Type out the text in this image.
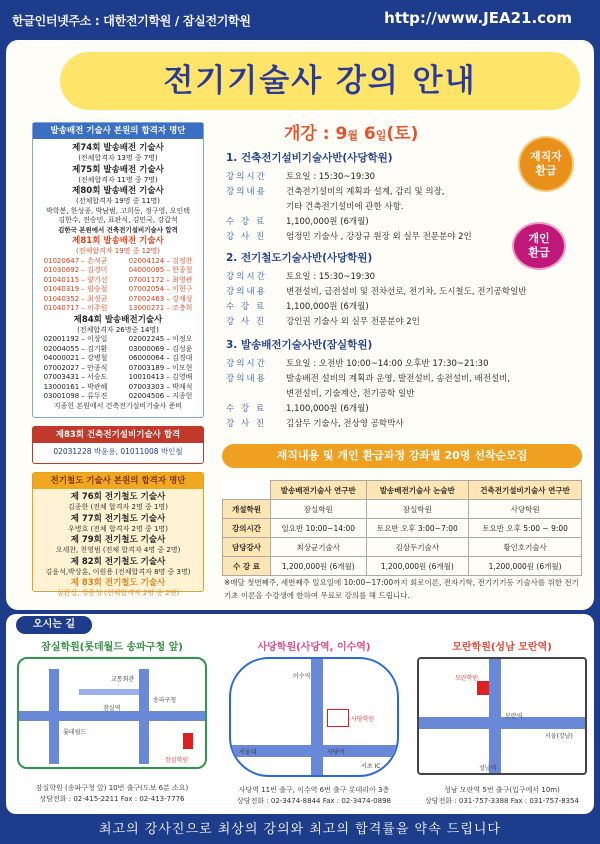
한글인터넷주소 : 대한전기학원 / 잠실전기학원	http://www.JEA21.com
전기기술사 강의 안내
발송배전 기술사 본원의 합격자 명단
제74회 발송배전 기술사
(전체합격자 13명 중 7명)
제75회 발송배전 기술사
(전체합격자 11명 중 7명)
제80회 발송배전 기술사
(전체합격자 19명 중 11명)
박학봉, 한성종, 박남범, 고희동, 정구영, 오인택
김한수, 전승민, 표판식, 김민국, 강갑석
김한국 본원에서 건축전기설비기술사 합격
제81회 발송배전 기술사
(전체합격자 19명 중 12명)
01020647 – 손석균	02004124 – 김정찬
01030692 – 김경미	04000095 – 한종철
01040115 – 양기선	07001172 – 최영관
01040319 – 임승철	07002054 – 이현구
01040352 – 최성균	07002463 – 강재성
01040717 – 이주원	13000271 – 조충희
제84회 발송배전기술사
(전체합격자 26명중 14명)
02001192 – 이상일	02002245 – 이정오
02004055 – 김기환	03000069 – 김성윤
04000021 – 강병철	06000064 – 김경대
07002027 – 안종식	07003189 – 이모현
07003431 – 서승도	10010413 – 김영배
13000161 – 박관혜	07003303 – 박재석
03001098 – 류두진	02004506 – 지종헌
지종헌 본원에서 건축전기설비기술사 준비
제83회 건축전기설비기술사 합격
02031228 박윤용, 01011008 박인철
전기철도 기술사 본원의 합격자 명단
제 76회 전기철도 기술사
김종한 (전체 합격자 2명 중 1명)
제 77회 전기철도 기술사
우병호 (전체 합격자 2명 중 1명)
제 79회 전기철도 기술사
오세찬, 천영범 (전체 합격자 4명 중 2명)
제 82회 전기철도 기술사
김윤석,박상훈, 이원용 (전체합격자 8명 중 3명)
제 83회 전기철도 기술사
심완섭, 강용성 (전체합격자 2명 중 2명)
개강 : 9월 6일(토)
1. 건축전기설비기술사반(사당학원)
강의시간	토요일 : 15:30~19:30
강의내용	건축전기설비의 계획과 설계, 감리 및 의장,
기타 건축전기설비에 관한 사항.
수 강 료	1,100,000원 (6개월)
강 사 진	엄정민 기술사 , 강장규 원장 외 실무 전문분야 2인
2. 전기철도기술사반(사당학원)
강의시간	토요일 : 15:30~19:30
강의내용	변전설비, 급전설비 및 전차선로, 전기차, 도시철도, 전기공학일반
수 강 료	1,100,000원 (6개월)
강 사 진	강인권 기술사 외 실무 전문분야 2인
3. 발송배전기술사반(잠실학원)
강의시간	토요일 : 오전반 10:00~14:00 오후반 17:30~21:30
강의내용	발송배전 설비의 계획과 운영, 발전설비, 송전설비, 배전설비,
변전설비, 기술계산, 전기공학 일반
수 강 료	1,100,000원 (6개월)
강 사 진	김삼두 기술사, 전상영 공학박사
재직자
환급
개인
환급
재직내용 및 개인 환급과정 강좌별 20명 선착순모집
	발송배전기술사 연구반	발송배전기술사 논술반	건축전기설비기술사 연구반
개설학원	잠실학원	잠실학원	사당학원
강의시간	일요반 10:00~14:00	토요반 오후 3:00~7:00	토요반 오후 5:00 ~ 9:00
담당강사	최상균기술사	김삼두기술사	황인호기술사
수 강 료	1,200,000원 (6개월)	1,200,000원 (6개월)	1,200,000원 (6개월)
※매달 첫번째주, 세번째주 일요일에 10:00~17:00까지 회로이론, 전자기학, 전기기기등 기술사를 위한 전기 기초 이론을 수강생에 한하여 무료로 강의를 해 드립니다.
오시는 길
잠실학원(롯데월드 송파구청 앞)
교통회관
롯데월드
송파구청
잠실역
잠실학원
잠실학원 (송파구청 앞) 10번 출구(도보 6분 소요)
상담전화 : 02-415-2211 Fax : 02-413-7776
사당학원(사당역, 이수역)
이수역
사당역
서울대
사당학원
서초 IC
사당역 11번 출구, 이수역 6번 출구 롯데리아 3층
상담전화 : 02-3474-8844 Fax : 02-3474-0898
모란학원(성남 모란역)
모란학원
모란역
성남역
서울(강남)
성남 모란역 5번 출구(입구에서 10m)
상담전화 : 031-757-3388 Fax : 031-757-8354
최고의 강사진으로 최상의 강의와 최고의 합격률을 약속 드립니다
